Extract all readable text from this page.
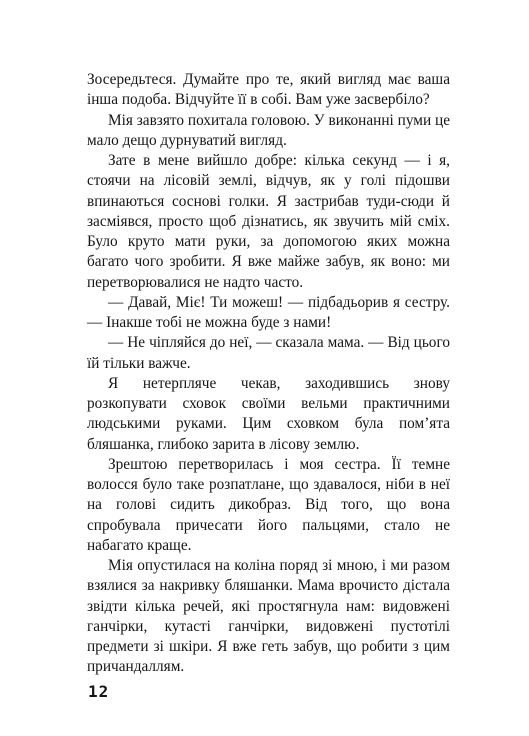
Зосередьтеся. Думайте про те, який вигляд має ваша інша подоба. Відчуйте її в собі. Вам уже засвербіло?

Мія завзято похитала головою. У виконанні пуми це мало дещо дурнуватий вигляд.

Зате в мене вийшло добре: кілька секунд — і я, стоячи на лісовій землі, відчув, як у голі підошви впинаються соснові голки. Я застрибав туди-сюди й засміявся, просто щоб дізнатись, як звучить мій сміх. Було круто мати руки, за допомогою яких можна багато чого зробити. Я вже майже забув, як воно: ми перетворювалися не надто часто.

— Давай, Міє! Ти можеш! — підбадьорив я сестру. — Інакше тобі не можна буде з нами!

— Не чіпляйся до неї, — сказала мама. — Від цього їй тільки важче.

Я нетерпляче чекав, заходившись знову розкопувати сховок своїми вельми практичними людськими руками. Цим сховком була пом’ята бляшанка, глибоко зарита в лісову землю.

Зрештою перетворилась і моя сестра. Її темне волосся було таке розпатлане, що здавалося, ніби в неї на голові сидить дикобраз. Від того, що вона спробувала причесати його пальцями, стало не набагато краще.

Мія опустилася на коліна поряд зі мною, і ми разом взялися за накривку бляшанки. Мама врочисто дістала звідти кілька речей, які простягнула нам: видовжені ганчірки, кутасті ганчірки, видовжені пустотілі предмети зі шкіри. Я вже геть забув, що робити з цим причандаллям.

12
